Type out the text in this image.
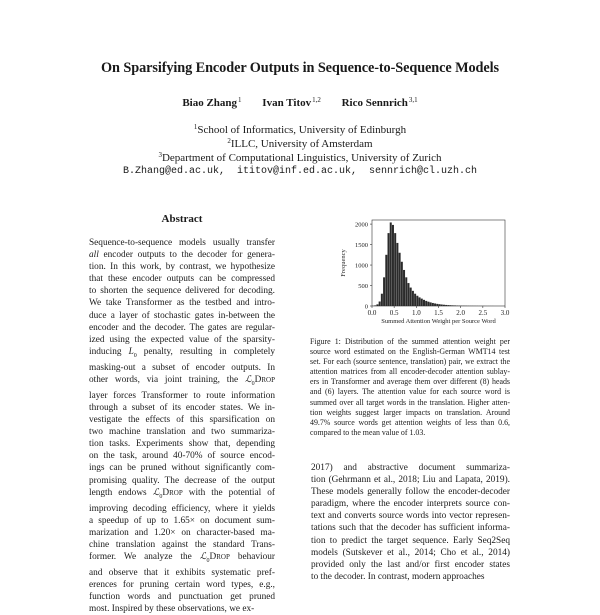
On Sparsifying Encoder Outputs in Sequence-to-Sequence Models
Biao Zhang$^1$ Ivan Titov$^{1,2}$ Rico Sennrich$^{3,1}$
$^1$School of Informatics, University of Edinburgh
$^2$ILLC, University of Amsterdam
$^3$Department of Computational Linguistics, University of Zurich
B.Zhang@ed.ac.uk, ititov@inf.ed.ac.uk, sennrich@cl.uzh.ch
Abstract
Sequence-to-sequence models usually transfer
all encoder outputs to the decoder for genera-
tion. In this work, by contrast, we hypothesize
that these encoder outputs can be compressed
to shorten the sequence delivered for decoding.
We take Transformer as the testbed and intro-
duce a layer of stochastic gates in-between the
encoder and the decoder. The gates are regular-
ized using the expected value of the sparsity-
inducing $L_0$ penalty, resulting in completely
masking-out a subset of encoder outputs. In
other words, via joint training, the ℒ$_0$Drop
layer forces Transformer to route information
through a subset of its encoder states. We in-
vestigate the effects of this sparsification on
two machine translation and two summariza-
tion tasks. Experiments show that, depending
on the task, around 40-70% of source encod-
ings can be pruned without significantly com-
promising quality. The decrease of the output
length endows ℒ$_0$Drop with the potential of
improving decoding efficiency, where it yields
a speedup of up to 1.65× on document sum-
marization and 1.20× on character-based ma-
chine translation against the standard Trans-
former. We analyze the ℒ$_0$Drop behaviour
and observe that it exhibits systematic pref-
erences for pruning certain word types, e.g.,
function words and punctuation get pruned
most. Inspired by these observations, we ex-
0.0 0.5 1.0 1.5 2.0 2.5 3.0
0
500
1000
1500
2000
Summed Attention Weight per Source Word
Frequency
Figure 1: Distribution of the summed attention weight per
source word estimated on the English-German WMT14 test
set. For each (source sentence, translation) pair, we extract the
attention matrices from all encoder-decoder attention sublay-
ers in Transformer and average them over different (8) heads
and (6) layers. The attention value for each source word is
summed over all target words in the translation. Higher atten-
tion weights suggest larger impacts on translation. Around
49.7% source words get attention weights of less than 0.6,
compared to the mean value of 1.03.
2017) and abstractive document summariza-
tion (Gehrmann et al., 2018; Liu and Lapata, 2019).
These models generally follow the encoder-decoder
paradigm, where the encoder interprets source con-
text and converts source words into vector represen-
tations such that the decoder has sufficient informa-
tion to predict the target sequence. Early Seq2Seq
models (Sutskever et al., 2014; Cho et al., 2014)
provided only the last and/or first encoder states
to the decoder. In contrast, modern approaches
